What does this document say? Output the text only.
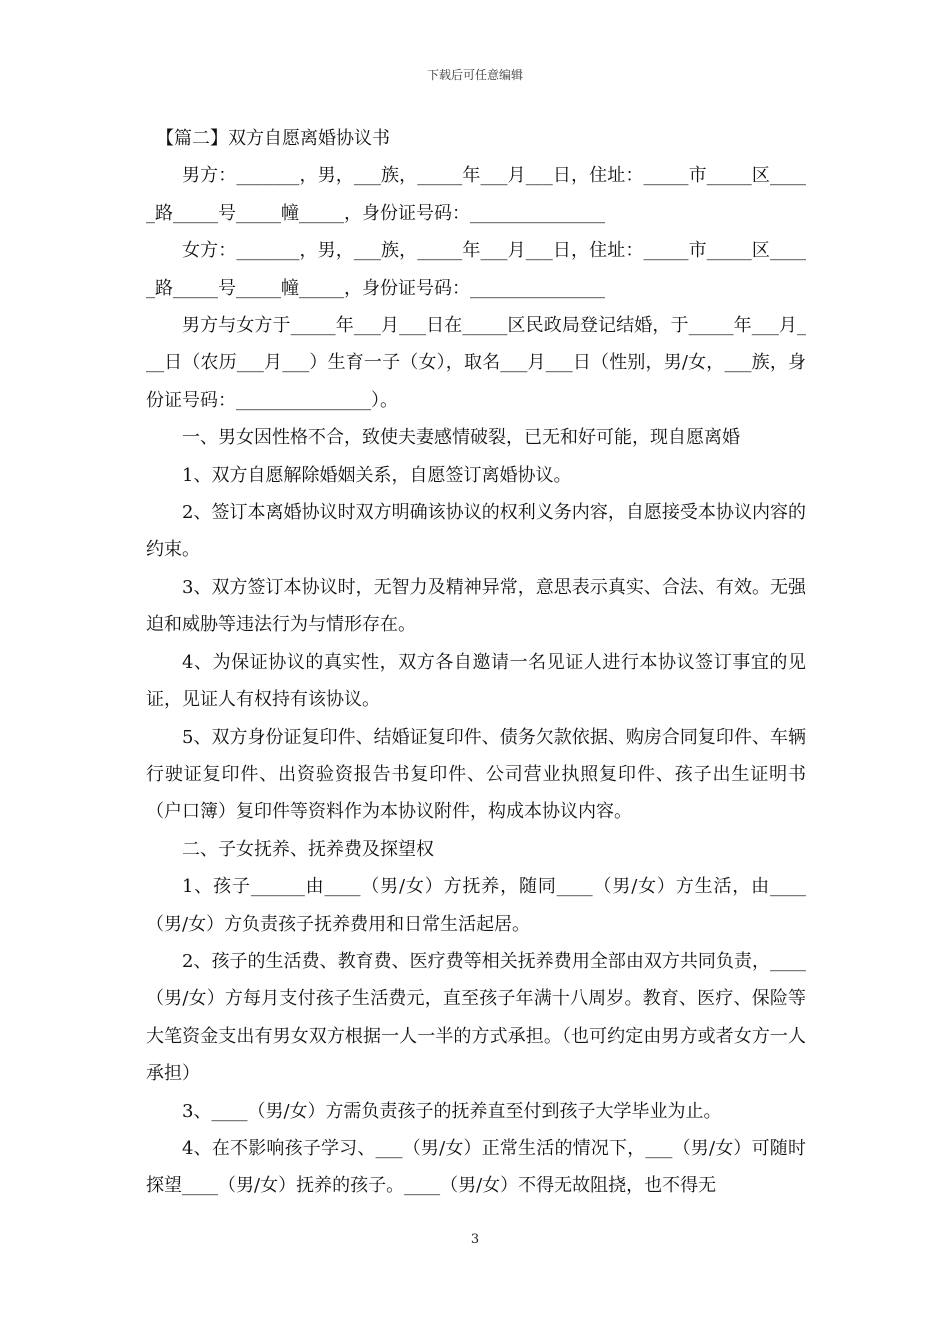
下载后可任意编辑

【篇二】双方自愿离婚协议书

男方：_______，男，___族，_____年___月___日，住址：_____市_____区_____路_____号_____幢_____，身份证号码：_______________

女方：_______，男，___族，_____年___月___日，住址：_____市_____区_____路_____号_____幢_____，身份证号码：_______________

男方与女方于_____年___月___日在_____区民政局登记结婚，于_____年___月___日（农历___月___）生育一子（女），取名___月___日（性别，男/女，___族，身份证号码：_______________）。

一、男女因性格不合，致使夫妻感情破裂，已无和好可能，现自愿离婚

1、双方自愿解除婚姻关系，自愿签订离婚协议。

2、签订本离婚协议时双方明确该协议的权利义务内容，自愿接受本协议内容的约束。

3、双方签订本协议时，无智力及精神异常，意思表示真实、合法、有效。无强迫和威胁等违法行为与情形存在。

4、为保证协议的真实性，双方各自邀请一名见证人进行本协议签订事宜的见证，见证人有权持有该协议。

5、双方身份证复印件、结婚证复印件、债务欠款依据、购房合同复印件、车辆行驶证复印件、出资验资报告书复印件、公司营业执照复印件、孩子出生证明书（户口簿）复印件等资料作为本协议附件，构成本协议内容。

二、子女抚养、抚养费及探望权

1、孩子______由____（男/女）方抚养，随同____（男/女）方生活，由____（男/女）方负责孩子抚养费用和日常生活起居。

2、孩子的生活费、教育费、医疗费等相关抚养费用全部由双方共同负责，____（男/女）方每月支付孩子生活费元，直至孩子年满十八周岁。教育、医疗、保险等大笔资金支出有男女双方根据一人一半的方式承担。（也可约定由男方或者女方一人承担）

3、____（男/女）方需负责孩子的抚养直至付到孩子大学毕业为止。

4、在不影响孩子学习、___（男/女）正常生活的情况下，___（男/女）可随时探望____（男/女）抚养的孩子。____（男/女）不得无故阻挠，也不得无

3
